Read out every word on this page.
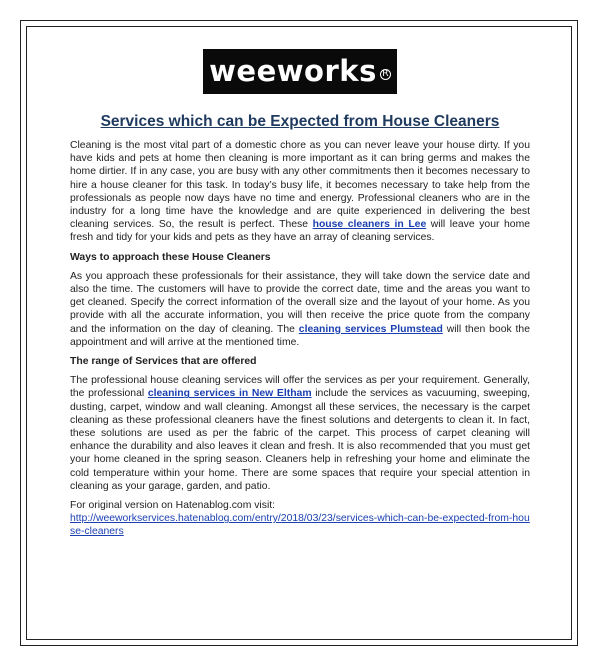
weeworks R
Services which can be Expected from House Cleaners

Cleaning is the most vital part of a domestic chore as you can never leave your house dirty. If you have kids and pets at home then cleaning is more important as it can bring germs and makes the home dirtier. If in any case, you are busy with any other commitments then it becomes necessary to hire a house cleaner for this task. In today’s busy life, it becomes necessary to take help from the professionals as people now days have no time and energy. Professional cleaners who are in the industry for a long time have the knowledge and are quite experienced in delivering the best cleaning services. So, the result is perfect. These house cleaners in Lee will leave your home fresh and tidy for your kids and pets as they have an array of cleaning services.

Ways to approach these House Cleaners

As you approach these professionals for their assistance, they will take down the service date and also the time. The customers will have to provide the correct date, time and the areas you want to get cleaned. Specify the correct information of the overall size and the layout of your home. As you provide with all the accurate information, you will then receive the price quote from the company and the information on the day of cleaning. The cleaning services Plumstead will then book the appointment and will arrive at the mentioned time.

The range of Services that are offered

The professional house cleaning services will offer the services as per your requirement. Generally, the professional cleaning services in New Eltham include the services as vacuuming, sweeping, dusting, carpet, window and wall cleaning. Amongst all these services, the necessary is the carpet cleaning as these professional cleaners have the finest solutions and detergents to clean it. In fact, these solutions are used as per the fabric of the carpet. This process of carpet cleaning will enhance the durability and also leaves it clean and fresh. It is also recommended that you must get your home cleaned in the spring season. Cleaners help in refreshing your home and eliminate the cold temperature within your home. There are some spaces that require your special attention in cleaning as your garage, garden, and patio.

For original version on Hatenablog.com visit:

http://weeworkservices.hatenablog.com/entry/2018/03/23/services-which-can-be-expected-from-house-cleaners
